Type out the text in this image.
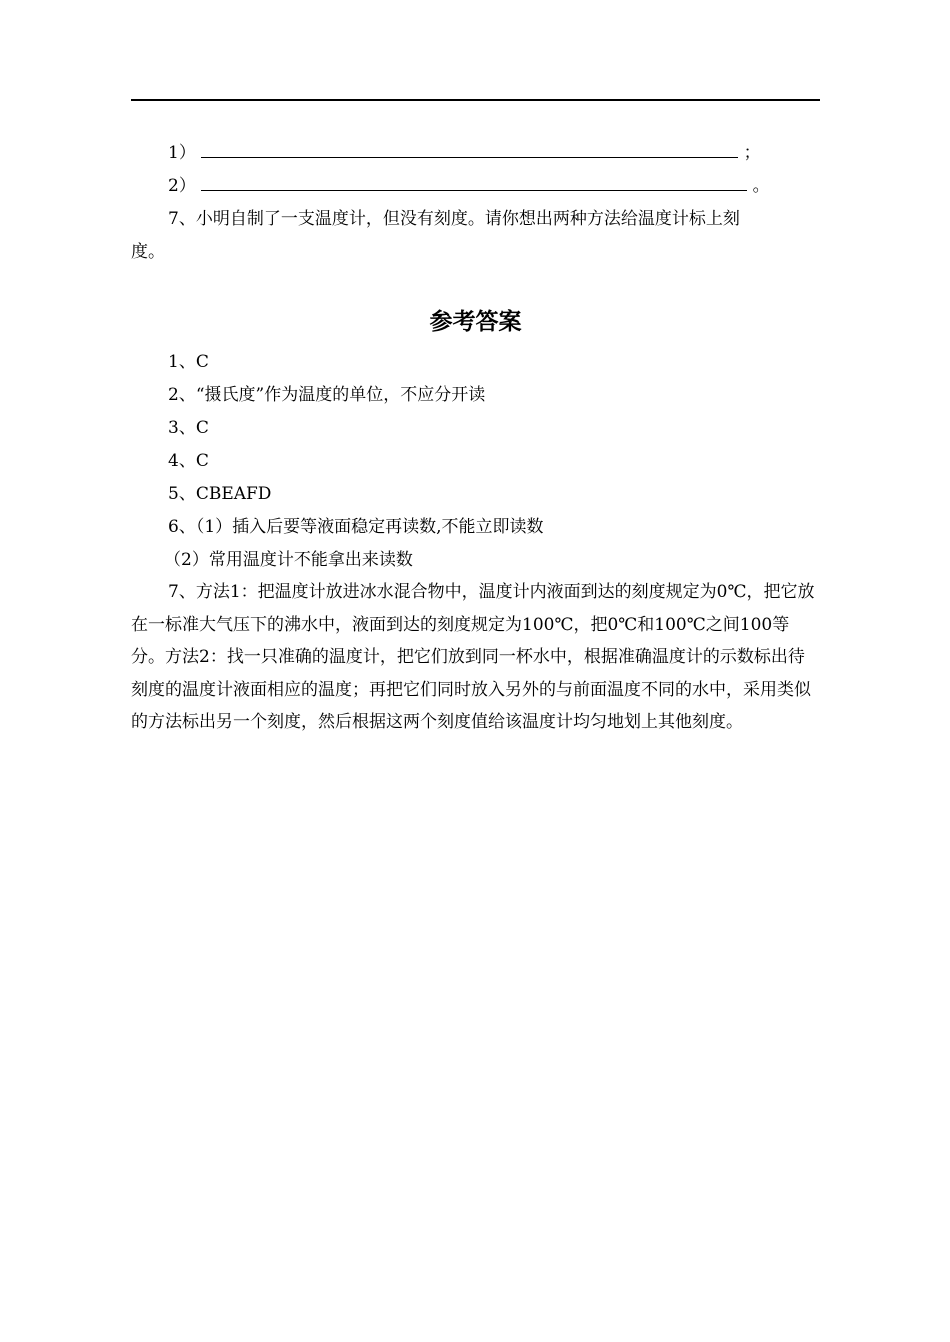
1）	；
2）	。
7、小明自制了一支温度计，但没有刻度。请你想出两种方法给温度计标上刻
度。
参考答案
1、C
2、“摄氏度”作为温度的单位，不应分开读
3、C
4、C
5、CBEAFD
6、（1）插入后要等液面稳定再读数,不能立即读数
（2）常用温度计不能拿出来读数
7、方法1：把温度计放进冰水混合物中，温度计内液面到达的刻度规定为0℃，把它放在一标准大气压下的沸水中，液面到达的刻度规定为100℃，把0℃和100℃之间100等分。方法2：找一只准确的温度计，把它们放到同一杯水中，根据准确温度计的示数标出待刻度的温度计液面相应的温度；再把它们同时放入另外的与前面温度不同的水中，采用类似的方法标出另一个刻度，然后根据这两个刻度值给该温度计均匀地划上其他刻度。
